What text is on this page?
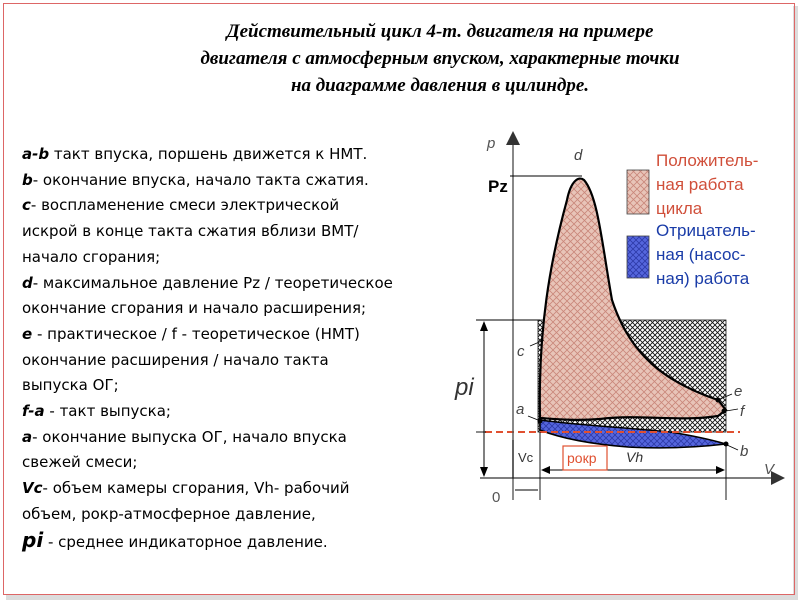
Действительный цикл 4-т. двигателя на примере
двигателя с атмосферным впуском, характерные точки
на диаграмме давления в цилиндре.
a-b такт впуска, поршень движется к НМТ.
b- окончание впуска, начало такта сжатия.
c- воспламенение смеси электрической
искрой в конце такта сжатия вблизи ВМТ/
начало сгорания;
d- максимальное давление Pz / теоретическое
окончание сгорания и начало расширения;
e - практическое / f - теоретическое (НМТ)
окончание расширения / начало такта
выпуска ОГ;
f-a - такт выпуска;
a- окончание выпуска ОГ, начало впуска
свежей смеси;
Vc- объем камеры сгорания, Vh- рабочий
объем, pокр-атмосферное давление,
pi - среднее индикаторное давление.
p
V
0
Pz
d
c
a
e
f
b
pi
Vc	Vh
pокр
Положитель-
ная работа
цикла
Отрицатель-
ная (насос-
ная) работа
